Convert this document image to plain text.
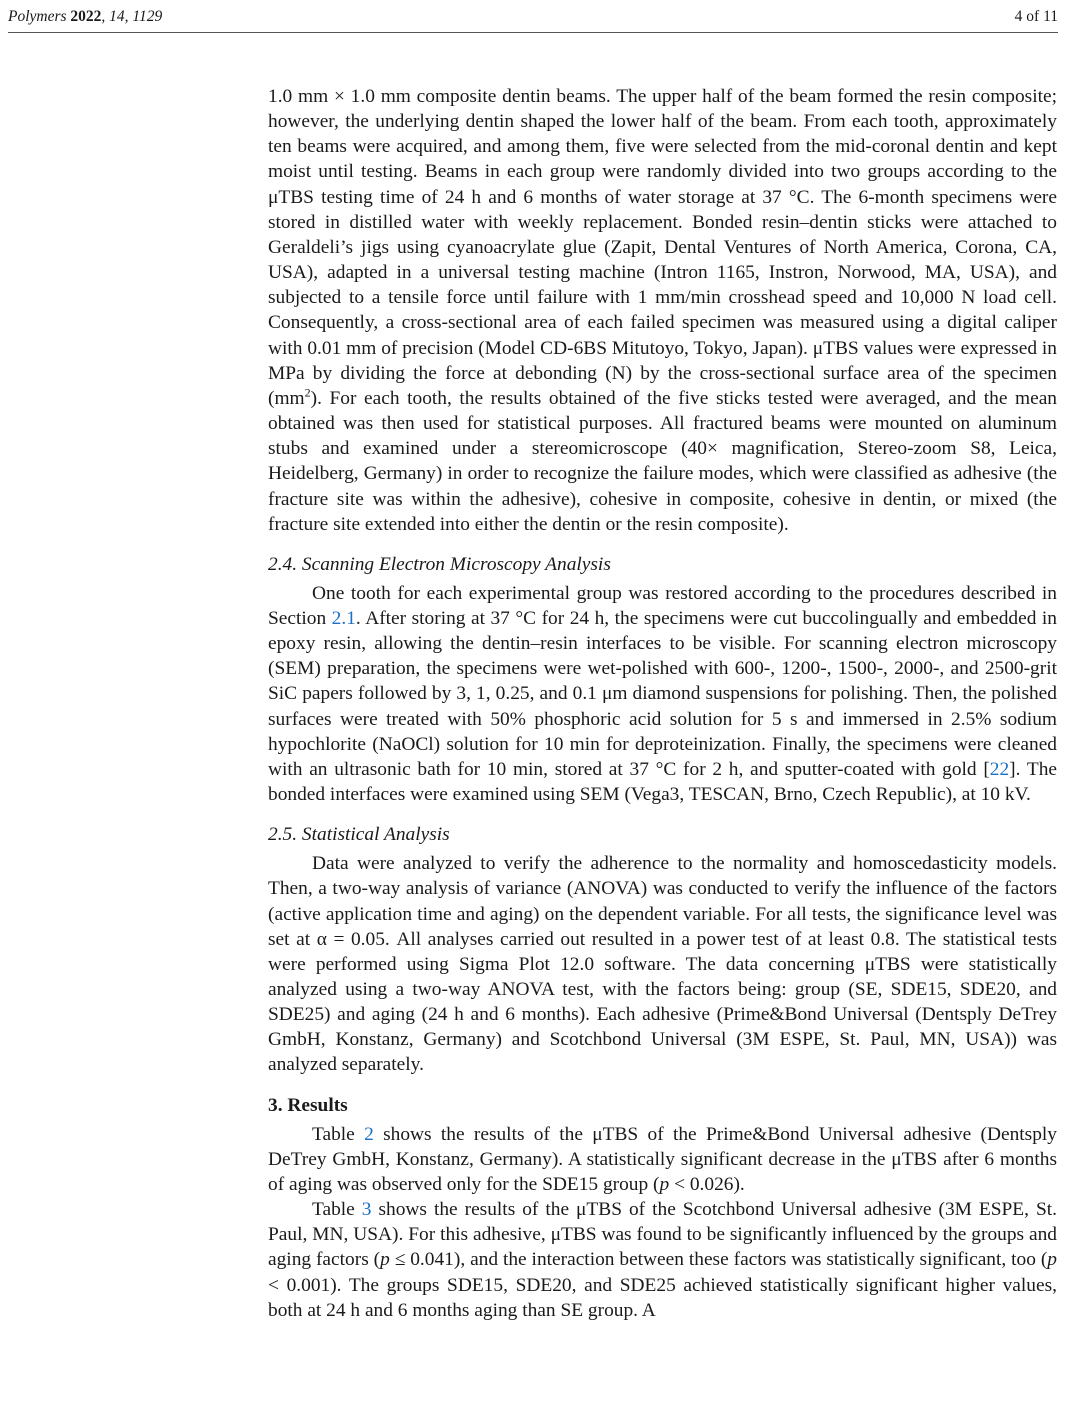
Polymers 2022, 14, 1129	4 of 11

1.0 mm × 1.0 mm composite dentin beams. The upper half of the beam formed the resin composite; however, the underlying dentin shaped the lower half of the beam. From each tooth, approximately ten beams were acquired, and among them, five were selected from the mid-coronal dentin and kept moist until testing. Beams in each group were randomly divided into two groups according to the μTBS testing time of 24 h and 6 months of water storage at 37 °C. The 6-month specimens were stored in distilled water with weekly replacement. Bonded resin–dentin sticks were attached to Geraldeli’s jigs using cyanoacrylate glue (Zapit, Dental Ventures of North America, Corona, CA, USA), adapted in a universal testing machine (Intron 1165, Instron, Norwood, MA, USA), and subjected to a tensile force until failure with 1 mm/min crosshead speed and 10,000 N load cell. Consequently, a cross-sectional area of each failed specimen was measured using a digital caliper with 0.01 mm of precision (Model CD-6BS Mitutoyo, Tokyo, Japan). μTBS values were expressed in MPa by dividing the force at debonding (N) by the cross-sectional surface area of the specimen $(mm^2)$. For each tooth, the results obtained of the five sticks tested were averaged, and the mean obtained was then used for statistical purposes. All fractured beams were mounted on aluminum stubs and examined under a stereomicroscope (40× magnification, Stereo-zoom S8, Leica, Heidelberg, Germany) in order to recognize the failure modes, which were classified as adhesive (the fracture site was within the adhesive), cohesive in composite, cohesive in dentin, or mixed (the fracture site extended into either the dentin or the resin composite).

2.4. Scanning Electron Microscopy Analysis

One tooth for each experimental group was restored according to the procedures described in Section 2.1. After storing at 37 °C for 24 h, the specimens were cut buccolingually and embedded in epoxy resin, allowing the dentin–resin interfaces to be visible. For scanning electron microscopy (SEM) preparation, the specimens were wet-polished with 600-, 1200-, 1500-, 2000-, and 2500-grit SiC papers followed by 3, 1, 0.25, and 0.1 μm diamond suspensions for polishing. Then, the polished surfaces were treated with 50% phosphoric acid solution for 5 s and immersed in 2.5% sodium hypochlorite (NaOCl) solution for 10 min for deproteinization. Finally, the specimens were cleaned with an ultrasonic bath for 10 min, stored at 37 °C for 2 h, and sputter-coated with gold [22]. The bonded interfaces were examined using SEM (Vega3, TESCAN, Brno, Czech Republic), at 10 kV.

2.5. Statistical Analysis

Data were analyzed to verify the adherence to the normality and homoscedasticity models. Then, a two-way analysis of variance (ANOVA) was conducted to verify the influence of the factors (active application time and aging) on the dependent variable. For all tests, the significance level was set at α = 0.05. All analyses carried out resulted in a power test of at least 0.8. The statistical tests were performed using Sigma Plot 12.0 software. The data concerning μTBS were statistically analyzed using a two-way ANOVA test, with the factors being: group (SE, SDE15, SDE20, and SDE25) and aging (24 h and 6 months). Each adhesive (Prime&Bond Universal (Dentsply DeTrey GmbH, Konstanz, Germany) and Scotchbond Universal (3M ESPE, St. Paul, MN, USA)) was analyzed separately.

3. Results

Table 2 shows the results of the μTBS of the Prime&Bond Universal adhesive (Dentsply DeTrey GmbH, Konstanz, Germany). A statistically significant decrease in the μTBS after 6 months of aging was observed only for the SDE15 group (p < 0.026).

Table 3 shows the results of the μTBS of the Scotchbond Universal adhesive (3M ESPE, St. Paul, MN, USA). For this adhesive, μTBS was found to be significantly influenced by the groups and aging factors (p ≤ 0.041), and the interaction between these factors was statistically significant, too (p < 0.001). The groups SDE15, SDE20, and SDE25 achieved statistically significant higher values, both at 24 h and 6 months aging than SE group. A
